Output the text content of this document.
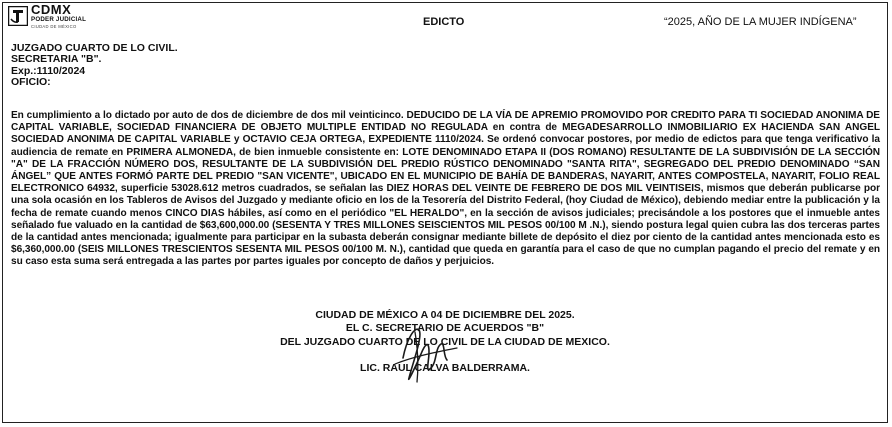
CDMX
PODER JUDICIAL
CIUDAD DE MÉXICO	EDICTO	“2025, AÑO DE LA MUJER INDÍGENA”
JUZGADO CUARTO DE LO CIVIL.
SECRETARIA "B".
Exp.:1110/2024
OFICIO:

En cumplimiento a lo dictado por auto de dos de diciembre de dos mil veinticinco. DEDUCIDO DE LA VÍA DE APREMIO PROMOVIDO POR CREDITO PARA TI SOCIEDAD ANONIMA DE CAPITAL VARIABLE, SOCIEDAD FINANCIERA DE OBJETO MULTIPLE ENTIDAD NO REGULADA en contra de MEGADESARROLLO INMOBILIARIO EX HACIENDA SAN ANGEL SOCIEDAD ANONIMA DE CAPITAL VARIABLE y OCTAVIO CEJA ORTEGA, EXPEDIENTE 1110/2024. Se ordenó convocar postores, por medio de edictos para que tenga verificativo la audiencia de remate en PRIMERA ALMONEDA, de bien inmueble consistente en: LOTE DENOMINADO ETAPA II (DOS ROMANO) RESULTANTE DE LA SUBDIVISIÓN DE LA SECCIÓN "A" DE LA FRACCIÓN NÚMERO DOS, RESULTANTE DE LA SUBDIVISIÓN DEL PREDIO RÚSTICO DENOMINADO "SANTA RITA", SEGREGADO DEL PREDIO DENOMINADO “SAN ÁNGEL” QUE ANTES FORMÓ PARTE DEL PREDIO "SAN VICENTE", UBICADO EN EL MUNICIPIO DE BAHÍA DE BANDERAS, NAYARIT, ANTES COMPOSTELA, NAYARIT, FOLIO REAL ELECTRONICO 64932, superficie 53028.612 metros cuadrados, se señalan las DIEZ HORAS DEL VEINTE DE FEBRERO DE DOS MIL VEINTISEIS, mismos que deberán publicarse por una sola ocasión en los Tableros de Avisos del Juzgado y mediante oficio en los de la Tesorería del Distrito Federal, (hoy Ciudad de México), debiendo mediar entre la publicación y la fecha de remate cuando menos CINCO DIAS hábiles, así como en el periódico "EL HERALDO", en la sección de avisos judiciales; precisándole a los postores que el inmueble antes señalado fue valuado en la cantidad de $63,600,000.00 (SESENTA Y TRES MILLONES SEISCIENTOS MIL PESOS 00/100 M .N.), siendo postura legal quien cubra las dos terceras partes de la cantidad antes mencionada; igualmente para participar en la subasta deberán consignar mediante billete de depósito el diez por ciento de la cantidad antes mencionada esto es $6,360,000.00 (SEIS MILLONES TRESCIENTOS SESENTA MIL PESOS 00/100 M. N.), cantidad que queda en garantía para el caso de que no cumplan pagando el precio del remate y en su caso esta suma será entregada a las partes por partes iguales por concepto de daños y perjuicios.

CIUDAD DE MÉXICO A 04 DE DICIEMBRE DEL 2025.
EL C. SECRETARIO DE ACUERDOS "B"
DEL JUZGADO CUARTO DE LO CIVIL DE LA CIUDAD DE MEXICO.
LIC. RAUL CALVA BALDERRAMA.
